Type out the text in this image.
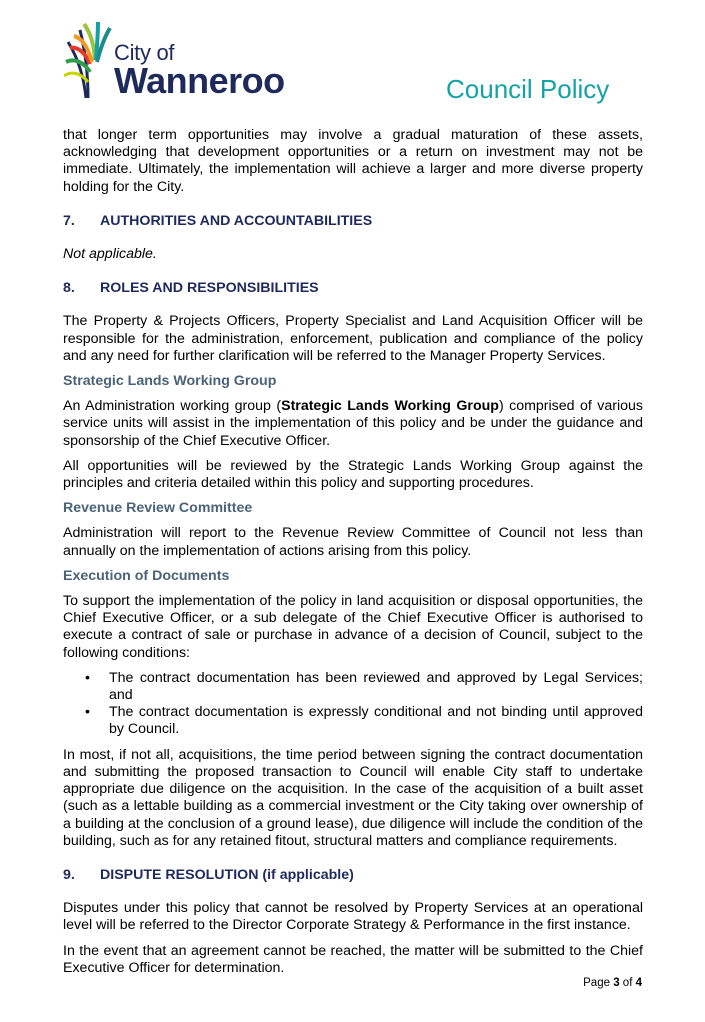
City of
Wanneroo	Council Policy

that longer term opportunities may involve a gradual maturation of these assets, acknowledging that development opportunities or a return on investment may not be immediate. Ultimately, the implementation will achieve a larger and more diverse property holding for the City.

7.	AUTHORITIES AND ACCOUNTABILITIES

Not applicable.

8.	ROLES AND RESPONSIBILITIES

The Property & Projects Officers, Property Specialist and Land Acquisition Officer will be responsible for the administration, enforcement, publication and compliance of the policy and any need for further clarification will be referred to the Manager Property Services.

Strategic Lands Working Group

An Administration working group (Strategic Lands Working Group) comprised of various service units will assist in the implementation of this policy and be under the guidance and sponsorship of the Chief Executive Officer.

All opportunities will be reviewed by the Strategic Lands Working Group against the principles and criteria detailed within this policy and supporting procedures.

Revenue Review Committee

Administration will report to the Revenue Review Committee of Council not less than annually on the implementation of actions arising from this policy.

Execution of Documents

To support the implementation of the policy in land acquisition or disposal opportunities, the Chief Executive Officer, or a sub delegate of the Chief Executive Officer is authorised to execute a contract of sale or purchase in advance of a decision of Council, subject to the following conditions:

• The contract documentation has been reviewed and approved by Legal Services; and
• The contract documentation is expressly conditional and not binding until approved by Council.

In most, if not all, acquisitions, the time period between signing the contract documentation and submitting the proposed transaction to Council will enable City staff to undertake appropriate due diligence on the acquisition. In the case of the acquisition of a built asset (such as a lettable building as a commercial investment or the City taking over ownership of a building at the conclusion of a ground lease), due diligence will include the condition of the building, such as for any retained fitout, structural matters and compliance requirements.

9.	DISPUTE RESOLUTION (if applicable)

Disputes under this policy that cannot be resolved by Property Services at an operational level will be referred to the Director Corporate Strategy & Performance in the first instance.

In the event that an agreement cannot be reached, the matter will be submitted to the Chief Executive Officer for determination.

Page 3 of 4
